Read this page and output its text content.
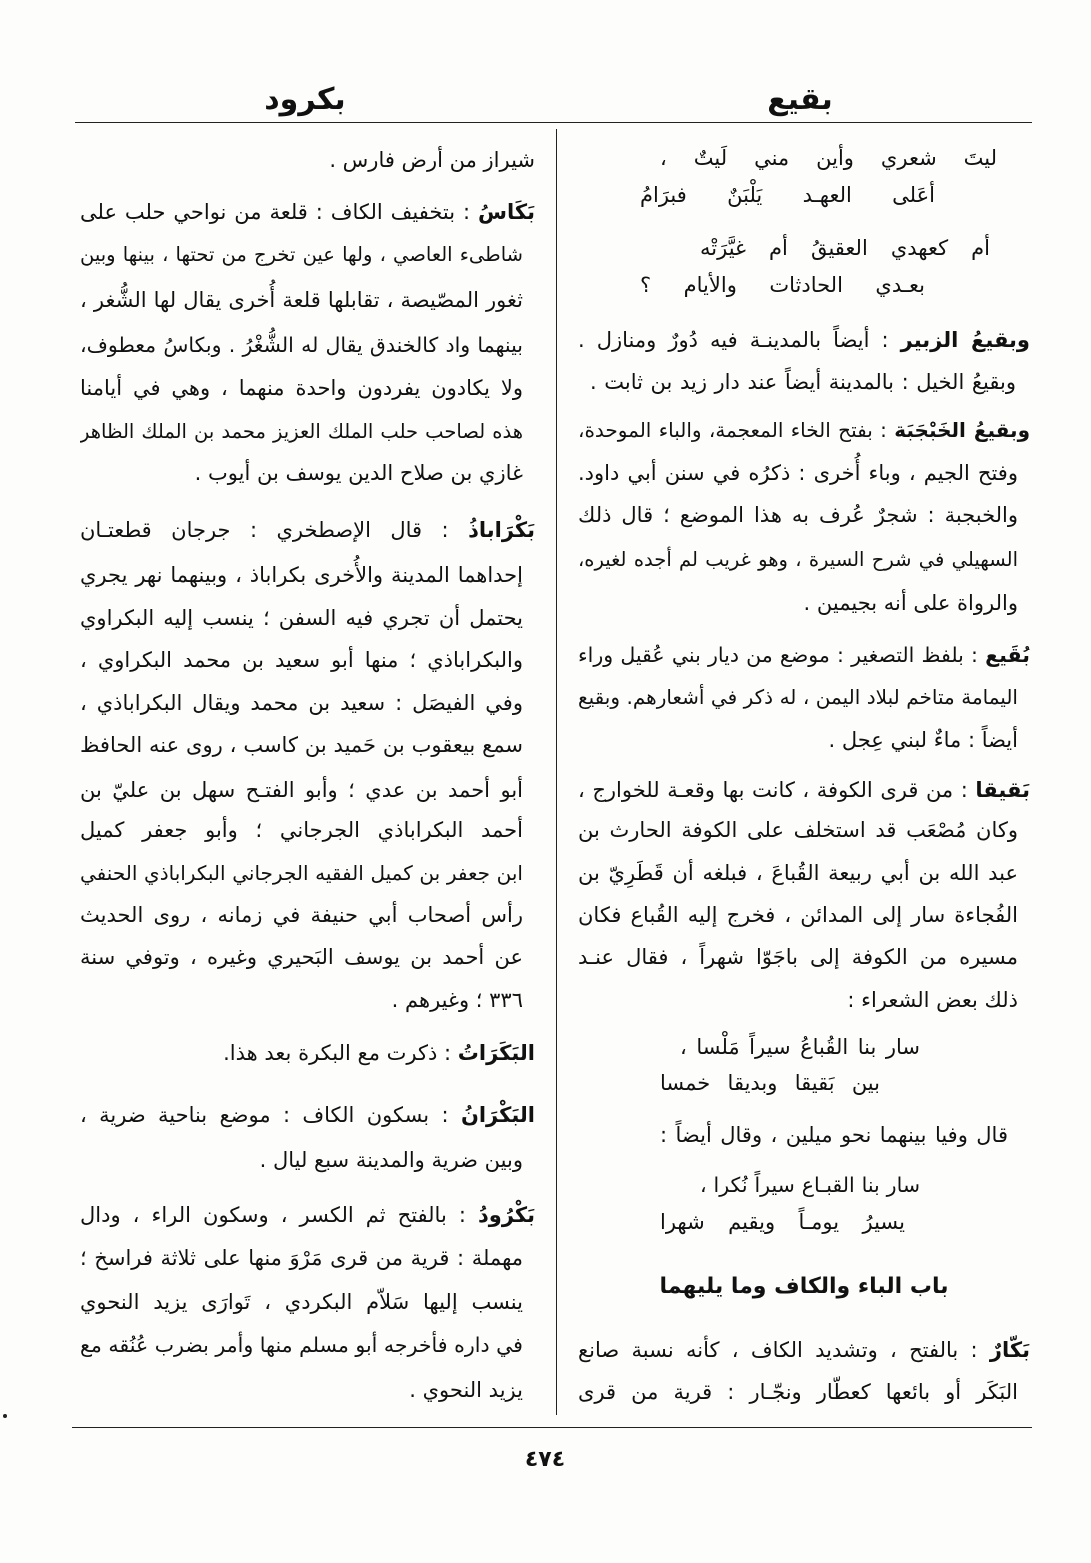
بقيع
بكرود
ليتَ شعري وأين مني لَيتٌ ،
أعَلى العهـد يَلْبَنٌ فبرَامُ
أم كعهدي العقيقُ أم غيَّرَتْه
بعـدي الحادثات والأيام ؟
وبقيعُ الزبير : أيضاً بالمدينـة فيه دُورٌ ومنازل .
وبقيعُ الخيل : بالمدينة أيضاً عند دار زيد بن ثابت .
وبقيعُ الخَبْجَبَة : بفتح الخاء المعجمة، والباء الموحدة،
وفتح الجيم ، وباء أُخرى : ذكرُه في سنن أبي داود.
والخبجبة : شجرٌ عُرف به هذا الموضع ؛ قال ذلك
السهيلي في شرح السيرة ، وهو غريب لم أجده لغيره،
والرواة على أنه بجيمين .
بُقَيع : بلفظ التصغير : موضع من ديار بني عُقيل وراء
اليمامة متاخم لبلاد اليمن ، له ذكر في أشعارهم. وبقيع
أيضاً : ماءٌ لبني عِجل .
بَقيقا : من قرى الكوفة ، كانت بها وقعـة للخوارج ،
وكان مُصْعَب قد استخلف على الكوفة الحارث بن
عبد الله بن أبي ربيعة القُباعَ ، فبلغه أن قَطَرِيّ بن
الفُجاءة سار إلى المدائن ، فخرج إليه القُباع فكان
مسيره من الكوفة إلى باجَوّا شهراً ، فقال عنـد
ذلك بعض الشعراء :
سار بنا القُباعُ سيراً مَلْسا ،
بين بَقيقا وبديقا خمسا
قال وفيا بينهما نحو ميلين ، وقال أيضاً :
سار بنا القبـاع سيراً نُكرا ،
يسيرُ يومـاً ويقيم شهرا
باب الباء والكاف وما يليهما
بَكّارٌ : بالفتح ، وتشديد الكاف ، كأنه نسبة صانع
البَكَر أو بائعها كعطّار ونجّـار : قرية من قرى
شيراز من أرض فارس .
بَكَاسُ : بتخفيف الكاف : قلعة من نواحي حلب على
شاطىء العاصي ، ولها عين تخرج من تحتها ، بينها وبين
ثغور المصّيصة ، تقابلها قلعة أُخرى يقال لها الشُّغر ،
بينهما واد كالخندق يقال له الشُّغْرُ . وبكاسُ معطوف،
ولا يكادون يفردون واحدة منهما ، وهي في أيامنا
هذه لصاحب حلب الملك العزيز محمد بن الملك الظاهر
غازي بن صلاح الدين يوسف بن أيوب .
بَكْرَاباذُ : قال الإصطخري : جرجان قطعتـان
إحداهما المدينة والأُخرى بكراباذ ، وبينهما نهر يجري
يحتمل أن تجري فيه السفن ؛ ينسب إليه البكراوي
والبكراباذي ؛ منها أبو سعيد بن محمد البكراوي ،
وفي الفيصَل : سعيد بن محمد ويقال البكراباذي ،
سمع بيعقوب بن حَميد بن كاسب ، روى عنه الحافظ
أبو أحمد بن عدي ؛ وأبو الفتـح سهل بن عليّ بن
أحمد البكراباذي الجرجاني ؛ وأبو جعفر كميل
ابن جعفر بن كميل الفقيه الجرجاني البكراباذي الحنفي
رأس أصحاب أبي حنيفة في زمانه ، روى الحديث
عن أحمد بن يوسف البَحيري وغيره ، وتوفي سنة
٣٣٦ ؛ وغيرهم .
البَكَرَاتُ : ذكرت مع البكرة بعد هذا.
البَكْرَانُ : بسكون الكاف : موضع بناحية ضرية ،
وبين ضرية والمدينة سبع ليال .
بَكْرُودُ : بالفتح ثم الكسر ، وسكون الراء ، ودال
مهملة : قرية من قرى مَرْوَ منها على ثلاثة فراسخ ؛
ينسب إليها سَلاّم البكردي ، تَوارَى يزيد النحوي
في داره فأخرجه أبو مسلم منها وأمر بضرب عُنُقه مع
يزيد النحوي .
٤٧٤
